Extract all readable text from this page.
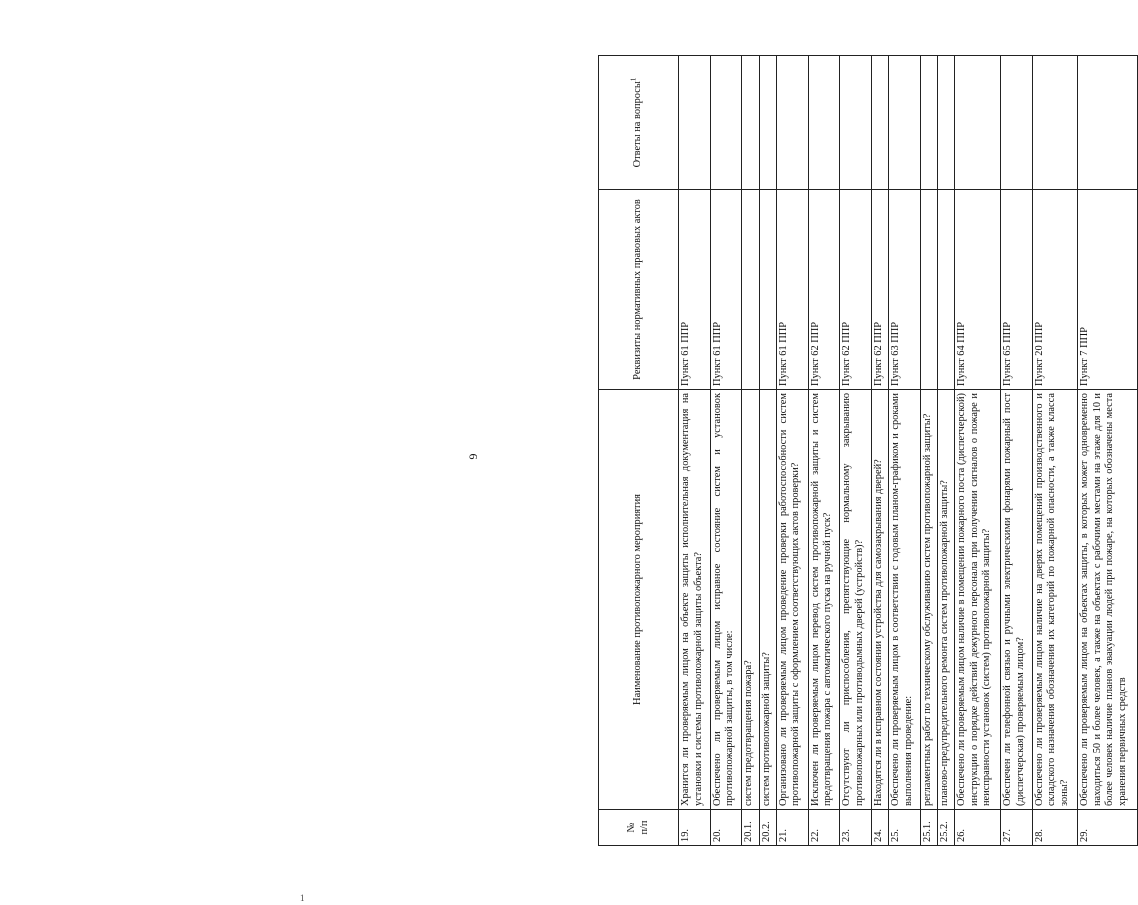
6
№
п/п	Наименование противопожарного мероприятия	Реквизиты нормативных правовых актов	Ответы на вопросы$^1$
19.	Хранится ли проверяемым лицом на объекте защиты исполнительная документация на установки и системы противопожарной защиты объекта?	Пункт 61 ППР	
20.	Обеспечено ли проверяемым лицом исправное состояние систем и установок противопожарной защиты, в том числе:	Пункт 61 ППР	
20.1.	систем предотвращения пожара?		
20.2.	систем противопожарной защиты?		
21.	Организовано ли проверяемым лицом проведение проверки работоспособности систем противопожарной защиты с оформлением соответствующих актов проверки?	Пункт 61 ППР	
22.	Исключен ли проверяемым лицом перевод систем противопожарной защиты и систем предотвращения пожара с автоматического пуска на ручной пуск?	Пункт 62 ППР	
23.	Отсутствуют ли приспособления, препятствующие нормальному закрыванию противопожарных или противодымных дверей (устройств)?	Пункт 62 ППР	
24.	Находятся ли в исправном состоянии устройства для самозакрывания дверей?	Пункт 62 ППР	
25.	Обеспечено ли проверяемым лицом в соответствии с годовым планом-графиком и сроками выполнения проведение:	Пункт 63 ППР	
25.1.	регламентных работ по техническому обслуживанию систем противопожарной защиты?		
25.2.	планово-предупредительного ремонта систем противопожарной защиты?		
26.	Обеспечено ли проверяемым лицом наличие в помещении пожарного поста (диспетчерской) инструкции о порядке действий дежурного персонала при получении сигналов о пожаре и неисправности установок (систем) противопожарной защиты?	Пункт 64 ППР	
27.	Обеспечен ли телефонной связью и ручными электрическими фонарями пожарный пост (диспетчерская) проверяемым лицом?	Пункт 65 ППР	
28.	Обеспечено ли проверяемым лицом наличие на дверях помещений производственного и складского назначения обозначения их категорий по пожарной опасности, а также класса зоны?	Пункт 20 ППР	
29.	Обеспечено ли проверяемым лицом на объектах защиты, в которых может одновременно находиться 50 и более человек, а также на объектах с рабочими местами на этаже для 10 и более человек наличие планов эвакуации людей при пожаре, на которых обозначены места хранения первичных средств	Пункт 7 ППР	
1
